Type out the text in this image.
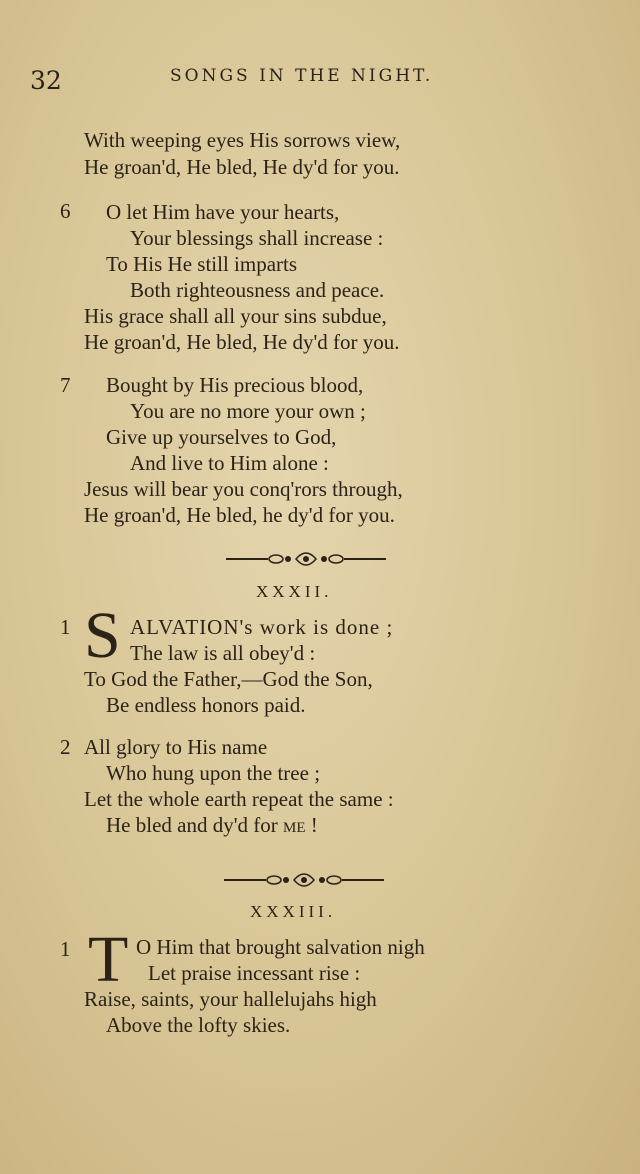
32	SONGS IN THE NIGHT.
With weeping eyes His sorrows view,
He groan'd, He bled, He dy'd for you.
6 O let Him have your hearts,
Your blessings shall increase :
To His He still imparts
Both righteousness and peace.
His grace shall all your sins subdue,
He groan'd, He bled, He dy'd for you.
7 Bought by His precious blood,
You are no more your own ;
Give up yourselves to God,
And live to Him alone :
Jesus will bear you conq'rors through,
He groan'd, He bled, he dy'd for you.
XXXII.
1 S ALVATION's work is done ;
The law is all obey'd :
To God the Father,—God the Son,
Be endless honors paid.
2 All glory to His name
Who hung upon the tree ;
Let the whole earth repeat the same :
He bled and dy'd for me !
XXXIII.
1 T O Him that brought salvation nigh
Let praise incessant rise :
Raise, saints, your hallelujahs high
Above the lofty skies.
